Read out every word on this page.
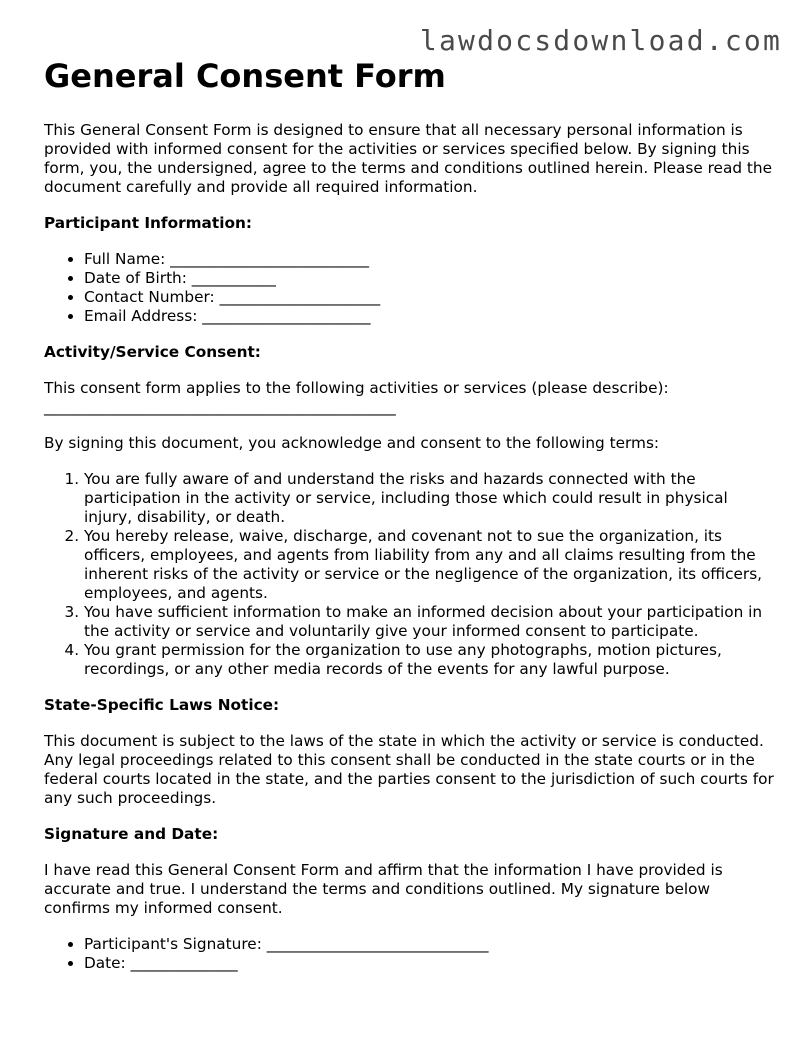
lawdocsdownload.com
General Consent Form

This General Consent Form is designed to ensure that all necessary personal information is provided with informed consent for the activities or services specified below. By signing this form, you, the undersigned, agree to the terms and conditions outlined herein. Please read the document carefully and provide all required information.

Participant Information:
• Full Name: __________________________
• Date of Birth: ___________
• Contact Number: _____________________
• Email Address: ______________________
Activity/Service Consent:

This consent form applies to the following activities or services (please describe): ______________________________________________

By signing this document, you acknowledge and consent to the following terms:

1. You are fully aware of and understand the risks and hazards connected with the participation in the activity or service, including those which could result in physical injury, disability, or death.
2. You hereby release, waive, discharge, and covenant not to sue the organization, its officers, employees, and agents from liability from any and all claims resulting from the inherent risks of the activity or service or the negligence of the organization, its officers, employees, and agents.
3. You have sufficient information to make an informed decision about your participation in the activity or service and voluntarily give your informed consent to participate.
4. You grant permission for the organization to use any photographs, motion pictures, recordings, or any other media records of the events for any lawful purpose.
State-Specific Laws Notice:

This document is subject to the laws of the state in which the activity or service is conducted. Any legal proceedings related to this consent shall be conducted in the state courts or in the federal courts located in the state, and the parties consent to the jurisdiction of such courts for any such proceedings.

Signature and Date:

I have read this General Consent Form and affirm that the information I have provided is accurate and true. I understand the terms and conditions outlined. My signature below confirms my informed consent.

• Participant's Signature: _____________________________
• Date: ______________
